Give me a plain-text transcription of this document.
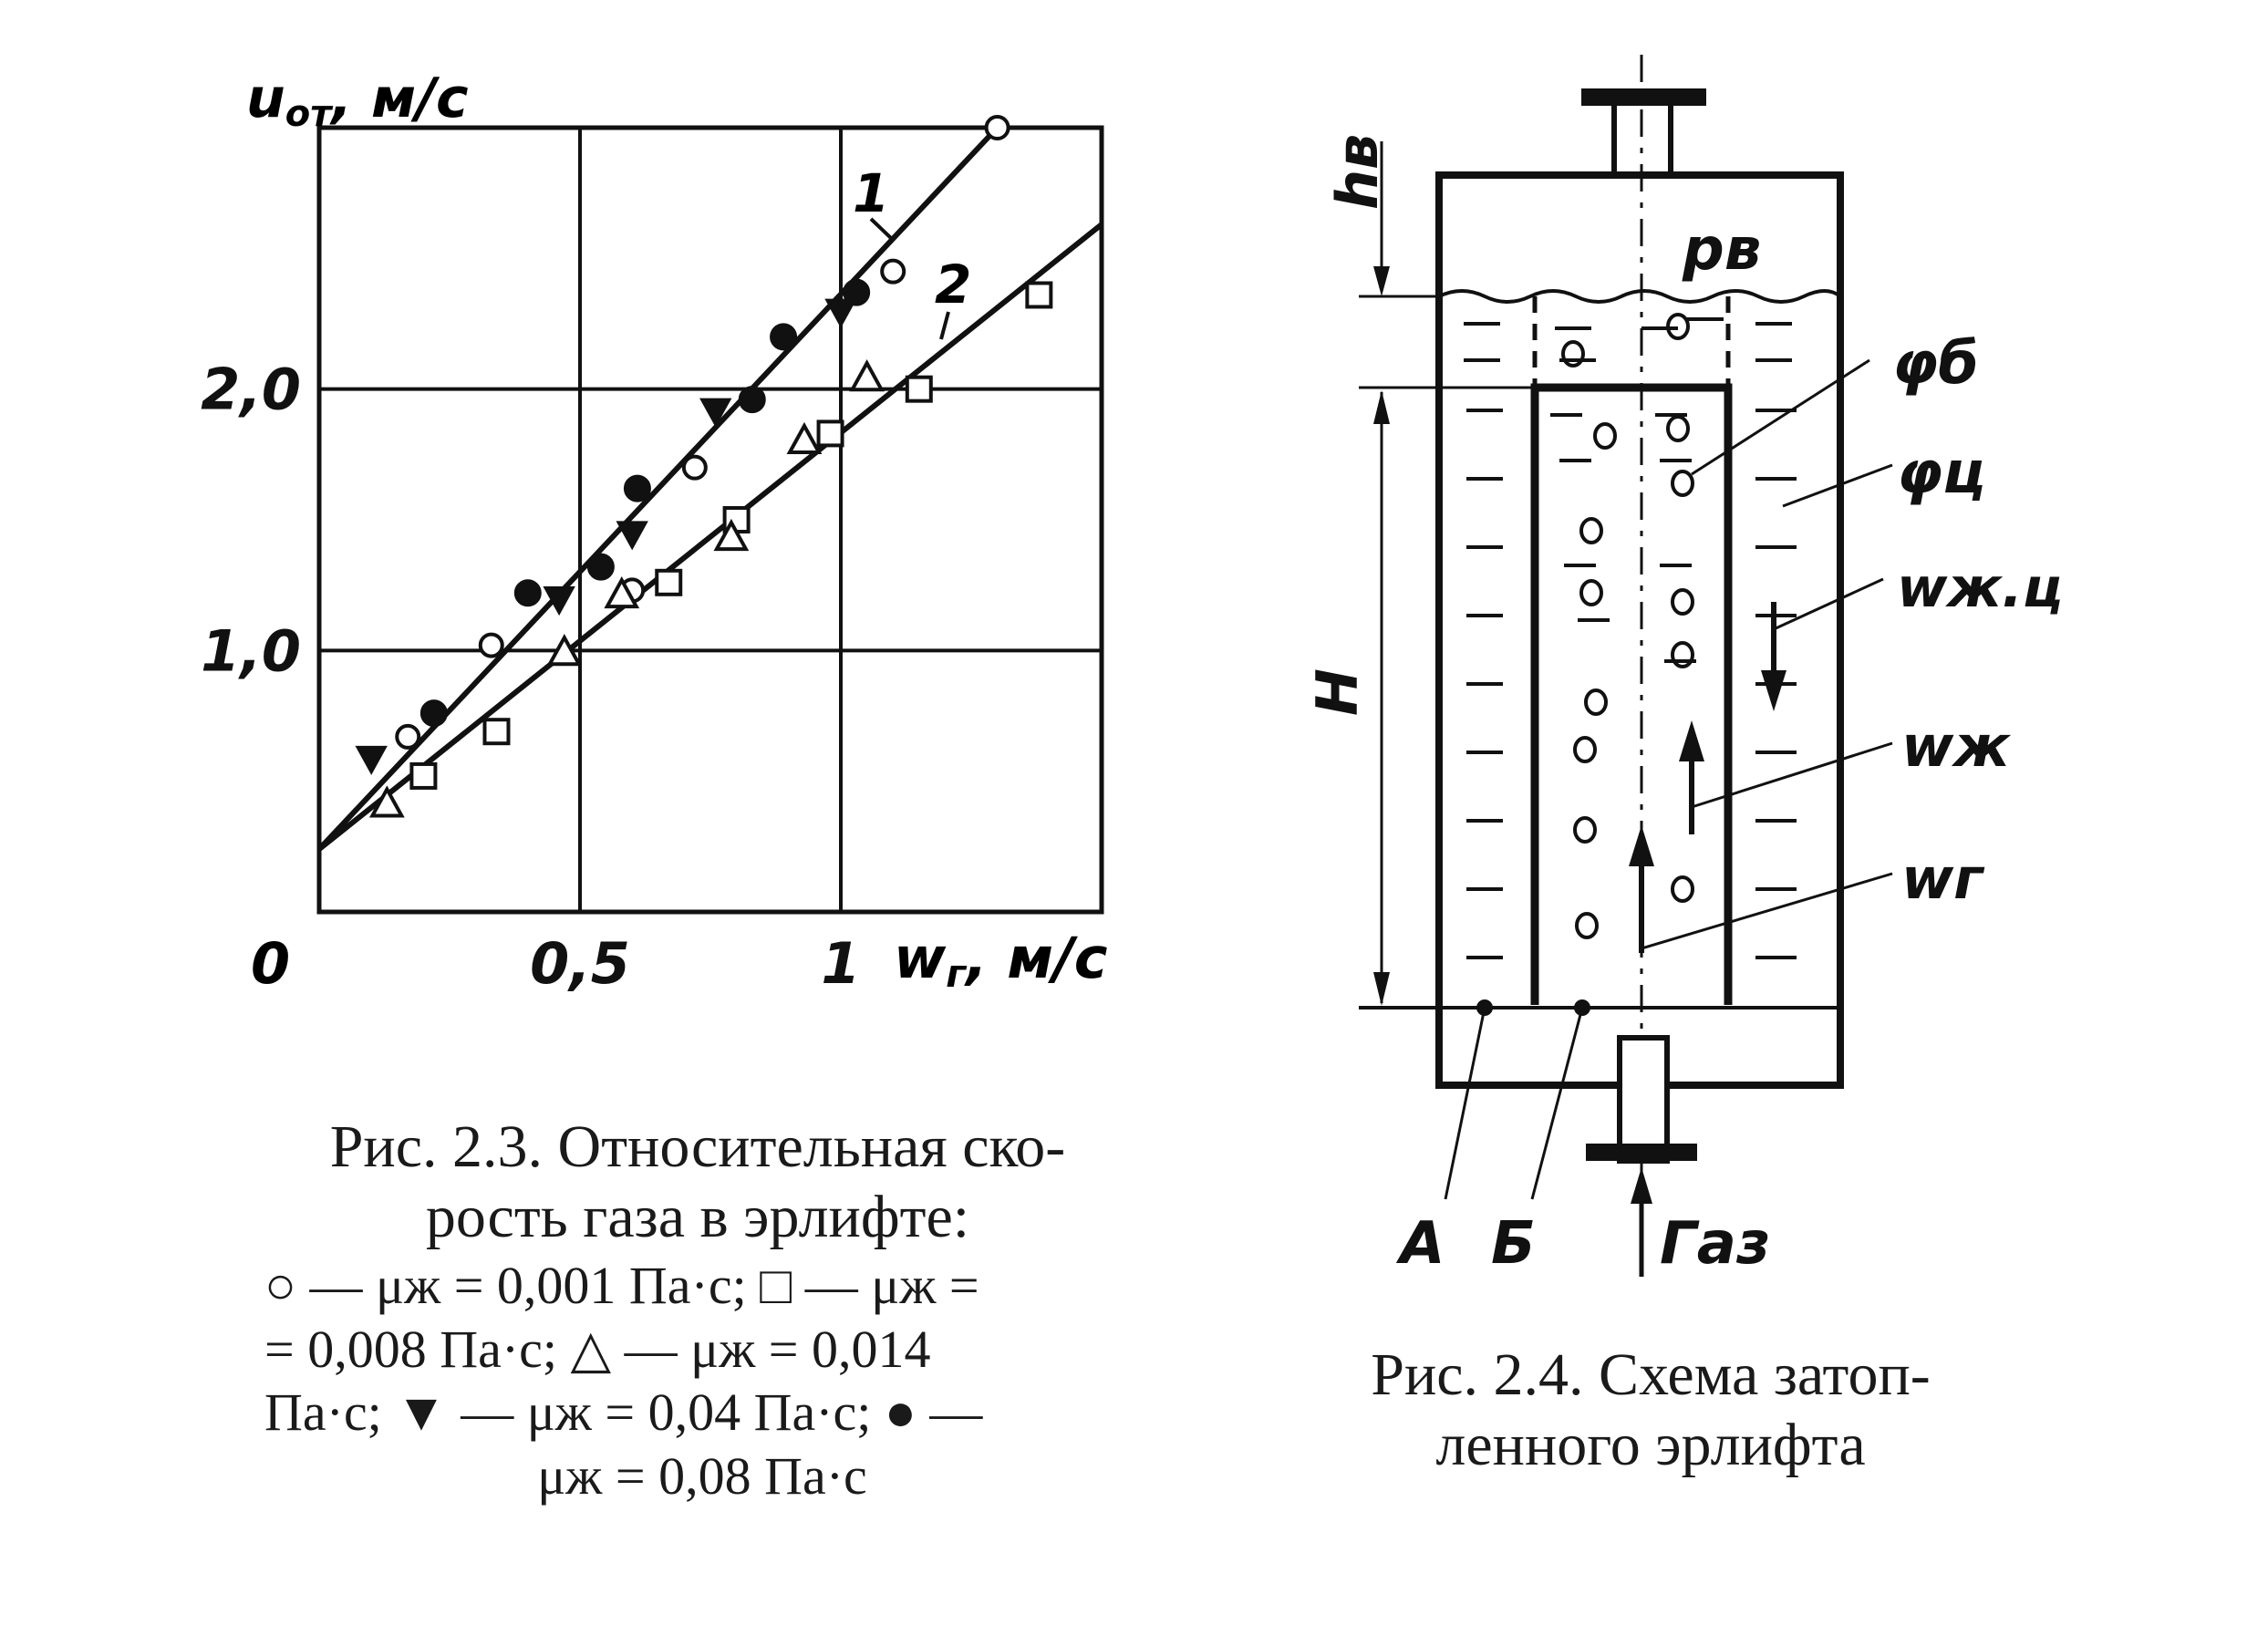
0,5	1
1,0
2,0
uот, м/с
wг, м/с
0
1
2
hв
pв
φб
φц
wж.ц
wж
wг
H
A Б Газ
Рис. 2.3. Относительная ско-
рость газа в эрлифте:
○ — μж = 0,001 Па·с; □ — μж =
= 0,008 Па·с; △ — μж = 0,014
Па·с; ▼ — μж = 0,04 Па·с; ● —
μж = 0,08 Па·с
Рис. 2.4. Схема затоп-
ленного эрлифта
